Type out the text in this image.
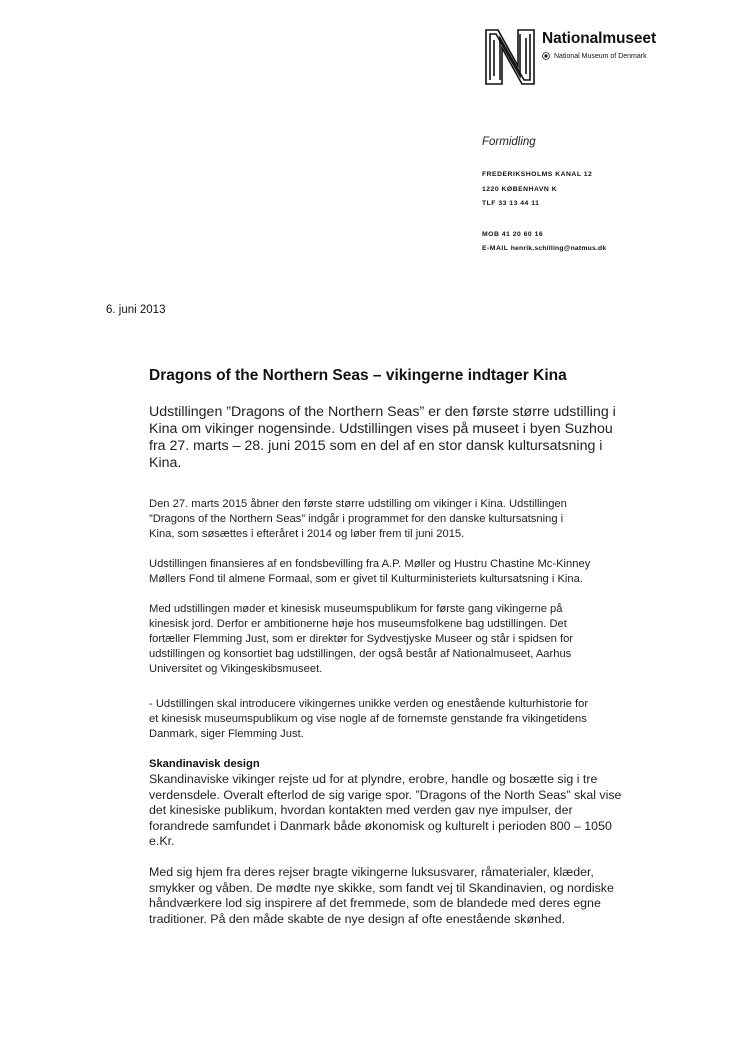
Nationalmuseet
National Museum of Denmark
Formidling
FREDERIKSHOLMS KANAL 12
1220 KØBENHAVN K
TLF 33 13 44 11
MOB 41 20 60 16
E-MAIL henrik.schilling@natmus.dk
6. juni 2013
Dragons of the Northern Seas – vikingerne indtager Kina

Udstillingen ”Dragons of the Northern Seas” er den første større udstilling i
Kina om vikinger nogensinde. Udstillingen vises på museet i byen Suzhou
fra 27. marts – 28. juni 2015 som en del af en stor dansk kultursatsning i
Kina.

Den 27. marts 2015 åbner den første større udstilling om vikinger i Kina. Udstillingen
”Dragons of the Northern Seas” indgår i programmet for den danske kultursatsning i
Kina, som søsættes i efteråret i 2014 og løber frem til juni 2015.

Udstillingen finansieres af en fondsbevilling fra A.P. Møller og Hustru Chastine Mc-Kinney
Møllers Fond til almene Formaal, som er givet til Kulturministeriets kultursatsning i Kina.

Med udstillingen møder et kinesisk museumspublikum for første gang vikingerne på
kinesisk jord. Derfor er ambitionerne høje hos museumsfolkene bag udstillingen. Det
fortæller Flemming Just, som er direktør for Sydvestjyske Museer og står i spidsen for
udstillingen og konsortiet bag udstillingen, der også består af Nationalmuseet, Aarhus
Universitet og Vikingeskibsmuseet.

- Udstillingen skal introducere vikingernes unikke verden og enestående kulturhistorie for
et kinesisk museumspublikum og vise nogle af de fornemste genstande fra vikingetidens
Danmark, siger Flemming Just.

Skandinavisk design

Skandinaviske vikinger rejste ud for at plyndre, erobre, handle og bosætte sig i tre
verdensdele. Overalt efterlod de sig varige spor. ”Dragons of the North Seas” skal vise
det kinesiske publikum, hvordan kontakten med verden gav nye impulser, der
forandrede samfundet i Danmark både økonomisk og kulturelt i perioden 800 – 1050
e.Kr.

Med sig hjem fra deres rejser bragte vikingerne luksusvarer, råmaterialer, klæder,
smykker og våben. De mødte nye skikke, som fandt vej til Skandinavien, og nordiske
håndværkere lod sig inspirere af det fremmede, som de blandede med deres egne
traditioner. På den måde skabte de nye design af ofte enestående skønhed.
